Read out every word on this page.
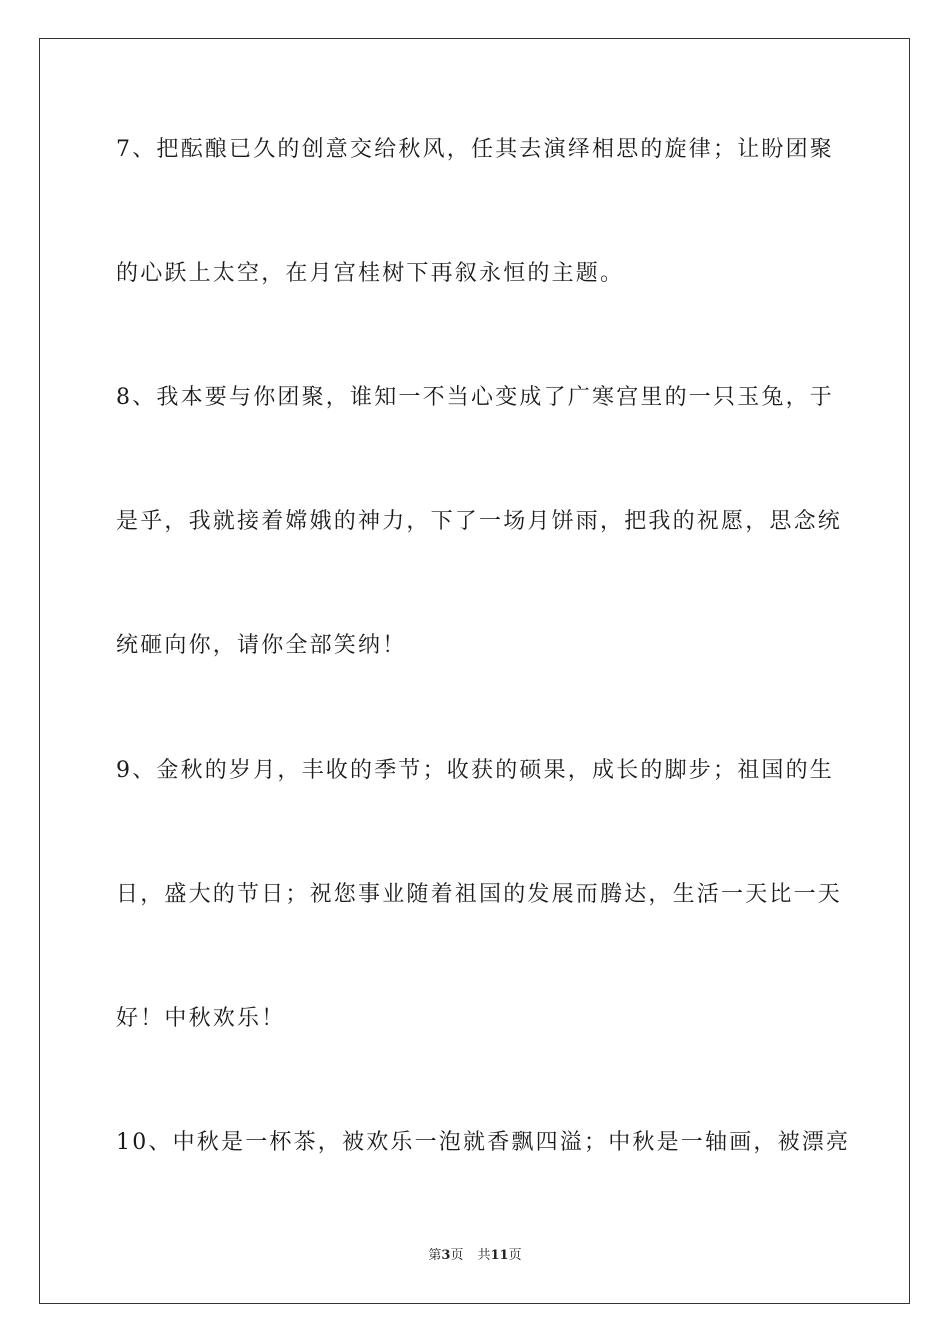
7、把酝酿已久的创意交给秋风，任其去演绎相思的旋律；让盼团聚
的心跃上太空，在月宫桂树下再叙永恒的主题。
8、我本要与你团聚，谁知一不当心变成了广寒宫里的一只玉兔，于
是乎，我就接着嫦娥的神力，下了一场月饼雨，把我的祝愿，思念统
统砸向你，请你全部笑纳！
9、金秋的岁月，丰收的季节；收获的硕果，成长的脚步；祖国的生
日，盛大的节日；祝您事业随着祖国的发展而腾达，生活一天比一天
好！中秋欢乐！
10、中秋是一杯茶，被欢乐一泡就香飘四溢；中秋是一轴画，被漂亮
第3页 共11页
